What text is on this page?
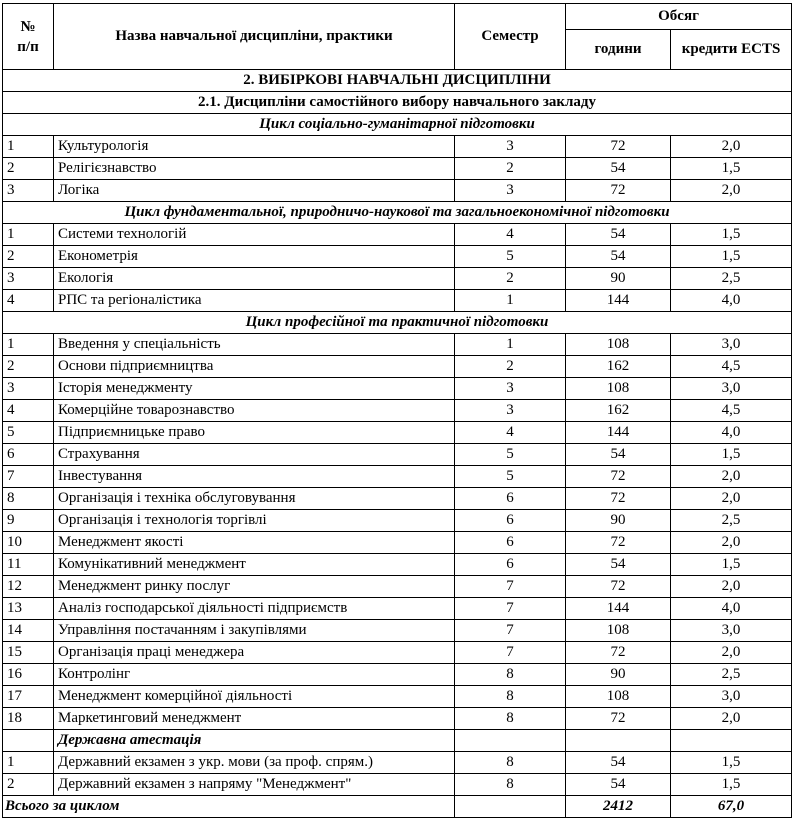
№
п/п	Назва навчальної дисципліни, практики	Семестр	Обсяг	
			години	кредити ECTS
2. ВИБІРКОВІ НАВЧАЛЬНІ ДИСЦИПЛІНИ				
2.1. Дисципліни самостійного вибору навчального закладу				
Цикл соціально-гуманітарної підготовки				
1	Культурологія	3	72	2,0
2	Релігієзнавство	2	54	1,5
3	Логіка	3	72	2,0
Цикл фундаментальної, природничо-наукової та загальноекономічної підготовки				
1	Системи технологій	4	54	1,5
2	Економетрія	5	54	1,5
3	Екологія	2	90	2,5
4	РПС та регіоналістика	1	144	4,0
Цикл професійної та практичної підготовки				
1	Введення у спеціальність	1	108	3,0
2	Основи підприємництва	2	162	4,5
3	Історія менеджменту	3	108	3,0
4	Комерційне товарознавство	3	162	4,5
5	Підприємницьке право	4	144	4,0
6	Страхування	5	54	1,5
7	Інвестування	5	72	2,0
8	Організація і техніка обслуговування	6	72	2,0
9	Організація і технологія торгівлі	6	90	2,5
10	Менеджмент якості	6	72	2,0
11	Комунікативний менеджмент	6	54	1,5
12	Менеджмент ринку послуг	7	72	2,0
13	Аналіз господарської діяльності підприємств	7	144	4,0
14	Управління постачанням і закупівлями	7	108	3,0
15	Організація праці менеджера	7	72	2,0
16	Контролінг	8	90	2,5
17	Менеджмент комерційної діяльності	8	108	3,0
18	Маркетинговий менеджмент	8	72	2,0
	Державна атестація			
1	Державний екзамен з укр. мови (за проф. спрям.)	8	54	1,5
2	Державний екзамен з напряму "Менеджмент"	8	54	1,5
Всього за циклом			2412	67,0
